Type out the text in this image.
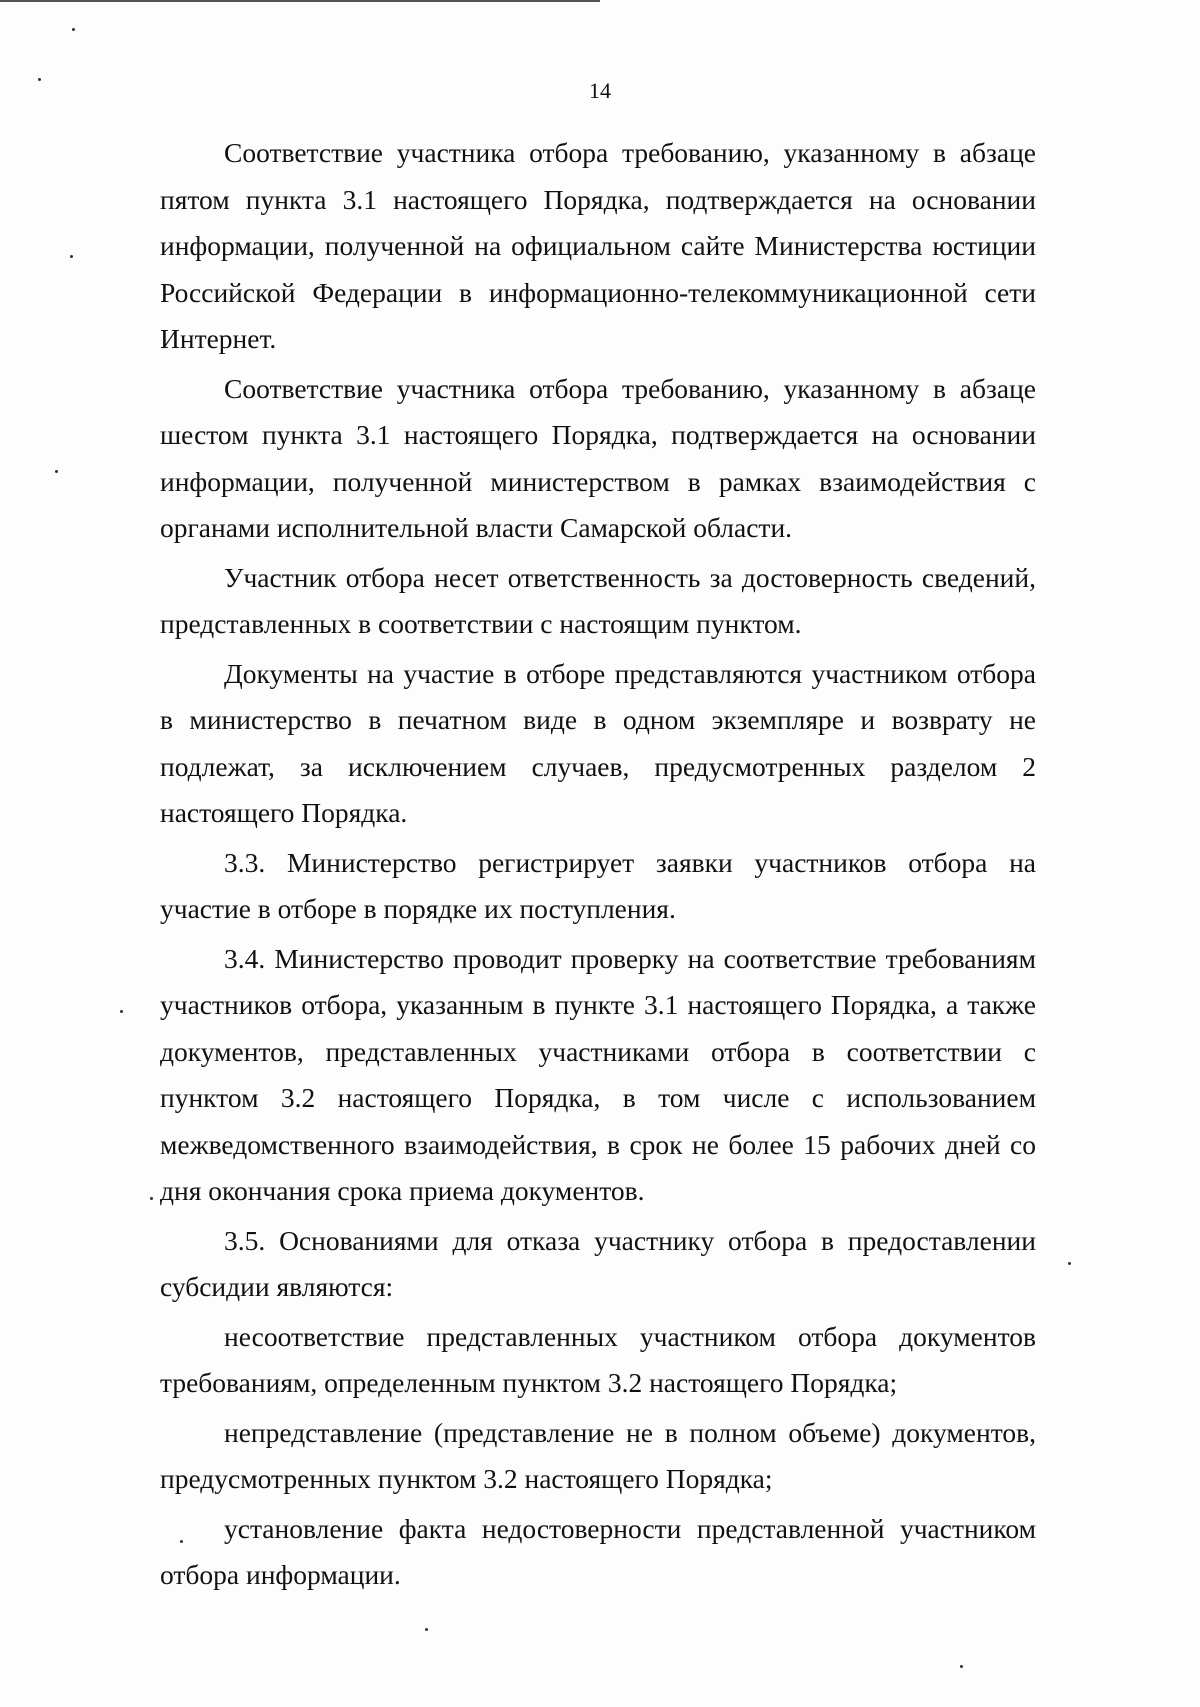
14

Соответствие участника отбора требованию, указанному в абзаце пятом пункта 3.1 настоящего Порядка, подтверждается на основании информации, полученной на официальном сайте Министерства юстиции Российской Федерации в информационно-телекоммуникационной сети Интернет.

Соответствие участника отбора требованию, указанному в абзаце шестом пункта 3.1 настоящего Порядка, подтверждается на основании информации, полученной министерством в рамках взаимодействия с органами исполнительной власти Самарской области.

Участник отбора несет ответственность за достоверность сведений, представленных в соответствии с настоящим пунктом.

Документы на участие в отборе представляются участником отбора в министерство в печатном виде в одном экземпляре и возврату не подлежат, за исключением случаев, предусмотренных разделом 2 настоящего Порядка.

3.3. Министерство регистрирует заявки участников отбора на участие в отборе в порядке их поступления.

3.4. Министерство проводит проверку на соответствие требованиям участников отбора, указанным в пункте 3.1 настоящего Порядка, а также документов, представленных участниками отбора в соответствии с пунктом 3.2 настоящего Порядка, в том числе с использованием межведомственного взаимодействия, в срок не более 15 рабочих дней со дня окончания срока приема документов.

3.5. Основаниями для отказа участнику отбора в предоставлении субсидии являются:

несоответствие представленных участником отбора документов требованиям, определенным пунктом 3.2 настоящего Порядка;

непредставление (представление не в полном объеме) документов, предусмотренных пунктом 3.2 настоящего Порядка;

установление факта недостоверности представленной участником отбора информации.
